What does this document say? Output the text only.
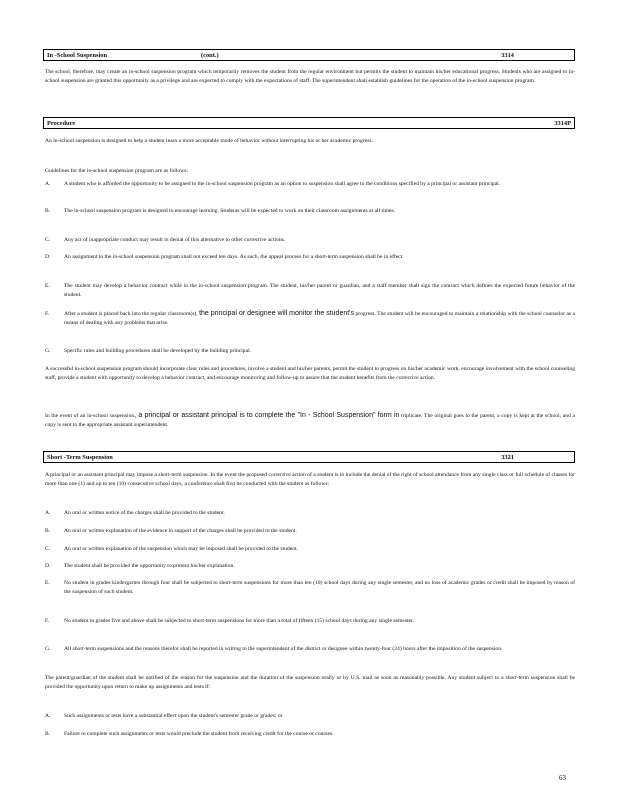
In -School Suspension	(cont.)	3314
The school, therefore, may create an in-school suspension program which temporarily removes the student from the regular environment but permits the student to maintain his/her educational progress. Students who are assigned to in-school suspension are granted this opportunity as a privilege and are expected to comply with the expectations of staff. The superintendent shall establish guidelines for the operation of the in-school suspension program.
Procedure	3314P
An in-school suspension is designed to help a student learn a more acceptable mode of behavior without interrupting his or her academic progress.
Guidelines for the in-school suspension program are as follows:
A. A student who is afforded the opportunity to be assigned to the in-school suspension program as an option to suspension shall agree to the conditions specified by a principal or assistant principal.
B. The in-school suspension program is designed to encourage learning. Students will be expected to work on their classroom assignments at all times.
C. Any act of inappropriate conduct may result in denial of this alternative to other corrective actions.
D. An assignment to the in-school suspension program shall not exceed ten days. As such, the appeal process for a short-term suspension shall be in effect.
E.	The student may develop a behavior contract while in the in-school suspension program. The student, his/her parent or guardian, and a staff member shall sign the contract which defines the expected future behavior of the student.
F.	After a student is placed back into the regular classroom(s), the principal or designee will monitor the student's progress. The student will be encouraged to maintain a relationship with the school counselor as a means of dealing with any problems that arise.
G. Specific rules and building procedures shall be developed by the building principal.
A successful in-school suspension program should incorporate clear rules and procedures, involve a student and his/her parents, permit the student to progress on his/her academic work, encourage involvement with the school counseling staff, provide a student with opportunity to develop a behavior contract, and encourage monitoring and follow-up to assure that the student benefits from the corrective action.
In the event of an in-school suspension, a principal or assistant principal is to complete the "In - School Suspension" form in triplicate. The original goes to the parent, a copy is kept at the school, and a copy is sent to the appropriate assistant superintendent.
Short -Term Suspension	3321
A principal or an assistant principal may impose a short-term suspension. In the event the proposed corrective action of a student is to include the denial of the right of school attendance from any single class or full schedule of classes for more than one (1) and up to ten (10) consecutive school days, a conference shall first be conducted with the student as follows:
A. An oral or written notice of the charges shall be provided to the student.
B. An oral or written explanation of the evidence in support of the charges shall be provided to the student.
C. An oral or written explanation of the suspension which may be imposed shall be provided to the student.
D. The student shall be provided the opportunity to present his/her explanation.
E.	No student in grades kindergarten through four shall be subjected to short-term suspensions for more than ten (10) school days during any single semester, and no loss of academic grades or credit shall be imposed by reason of the suspension of such student.
F.	No student in grades five and above shall be subjected to short-term suspensions for more than a total of fifteen (15) school days during any single semester.
G. All short-term suspensions and the reasons therefor shall be reported in writing to the superintendent of the district or designee within twenty-four (24) hours after the imposition of the suspension.
The parent/guardian of the student shall be notified of the reason for the suspension and the duration of the suspension orally or by U.S. mail as soon as reasonably possible. Any student subject to a short-term suspension shall be provided the opportunity upon return to make up assignments and tests if:
A. Such assignments or tests have a substantial effect upon the student's semester grade or grades; or
B. Failure to complete such assignments or tests would preclude the student from receiving credit for the course or courses.
63
